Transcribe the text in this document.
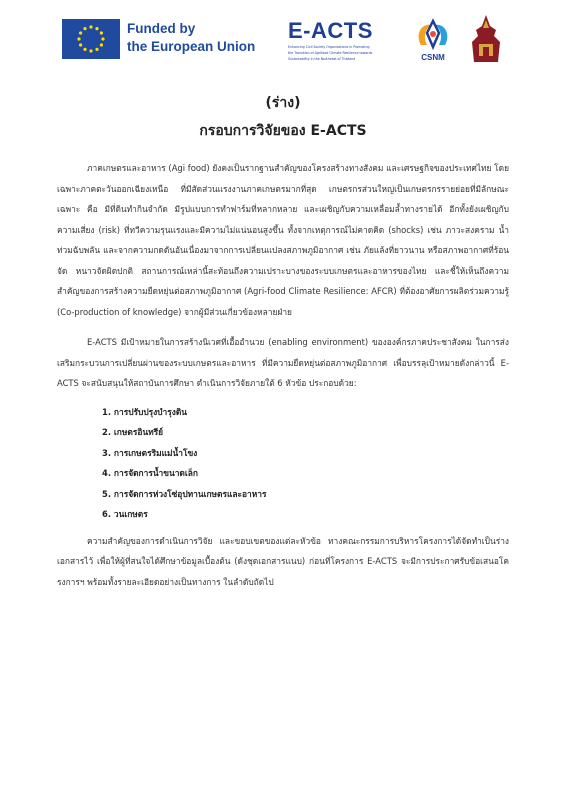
Funded by
the European Union
E-ACTS
Enhancing Civil Society Organizations in Promoting
the Transition of Agrifood Climate Resilience towards
Sustainability in the Northeast of Thailand	CSNM
(ร่าง)
กรอบการวิจัยของ E-ACTS

ภาคเกษตรและอาหาร (Agi food) ยังคงเป็นรากฐานสำคัญของโครงสร้างทางสังคม และเศรษฐกิจของประเทศไทย โดยเฉพาะภาคตะวันออกเฉียงเหนือ ที่มีสัดส่วนแรงงานภาคเกษตรมากที่สุด เกษตรกรส่วนใหญ่เป็นเกษตรกรรายย่อยที่มีลักษณะเฉพาะ คือ มีที่ดินทำกินจำกัด มีรูปแบบการทำฟาร์มที่หลากหลาย และเผชิญกับความเหลื่อมล้ำทางรายได้ อีกทั้งยังเผชิญกับความเสี่ยง (risk) ที่ทวีความรุนแรงและมีความไม่แน่นอนสูงขึ้น ทั้งจากเหตุการณ์ไม่คาดคิด (shocks) เช่น ภาวะสงคราม น้ำท่วมฉับพลัน และจากความกดดันอันเนื่องมาจากการเปลี่ยนแปลงสภาพภูมิอากาศ เช่น ภัยแล้งที่ยาวนาน หรือสภาพอากาศที่ร้อนจัด หนาวจัดผิดปกติ สถานการณ์เหล่านี้สะท้อนถึงความเปราะบางของระบบเกษตรและอาหารของไทย และชี้ให้เห็นถึงความสำคัญของการสร้างความยืดหยุ่นต่อสภาพภูมิอากาศ (Agri-food Climate Resilience: AFCR) ที่ต้องอาศัยการผลิตร่วมความรู้ (Co-production of knowledge) จากผู้มีส่วนเกี่ยวข้องหลายฝ่าย

E-ACTS มีเป้าหมายในการสร้างนิเวศที่เอื้ออำนวย (enabling environment) ขององค์กรภาคประชาสังคม ในการส่งเสริมกระบวนการเปลี่ยนผ่านของระบบเกษตรและอาหาร ที่มีความยืดหยุ่นต่อสภาพภูมิอากาศ เพื่อบรรลุเป้าหมายดังกล่าวนี้ E-ACTS จะสนับสนุนให้สถาบันการศึกษา ดำเนินการวิจัยภายใต้ 6 หัวข้อ ประกอบด้วย:

1. การปรับปรุงบำรุงดิน
2. เกษตรอินทรีย์
3. การเกษตรริมแม่น้ำโขง
4. การจัดการน้ำขนาดเล็ก
5. การจัดการห่วงโซ่อุปทานเกษตรและอาหาร
6. วนเกษตร

ความสำคัญของการดำเนินการวิจัย และขอบเขตของแต่ละหัวข้อ ทางคณะกรรมการบริหารโครงการได้จัดทำเป็นร่างเอกสารไว้ เพื่อให้ผู้ที่สนใจได้ศึกษาข้อมูลเบื้องต้น (ดังชุดเอกสารแนบ) ก่อนที่โครงการ E-ACTS จะมีการประกาศรับข้อเสนอโครงการฯ พร้อมทั้งรายละเอียดอย่างเป็นทางการ ในลำดับถัดไป
